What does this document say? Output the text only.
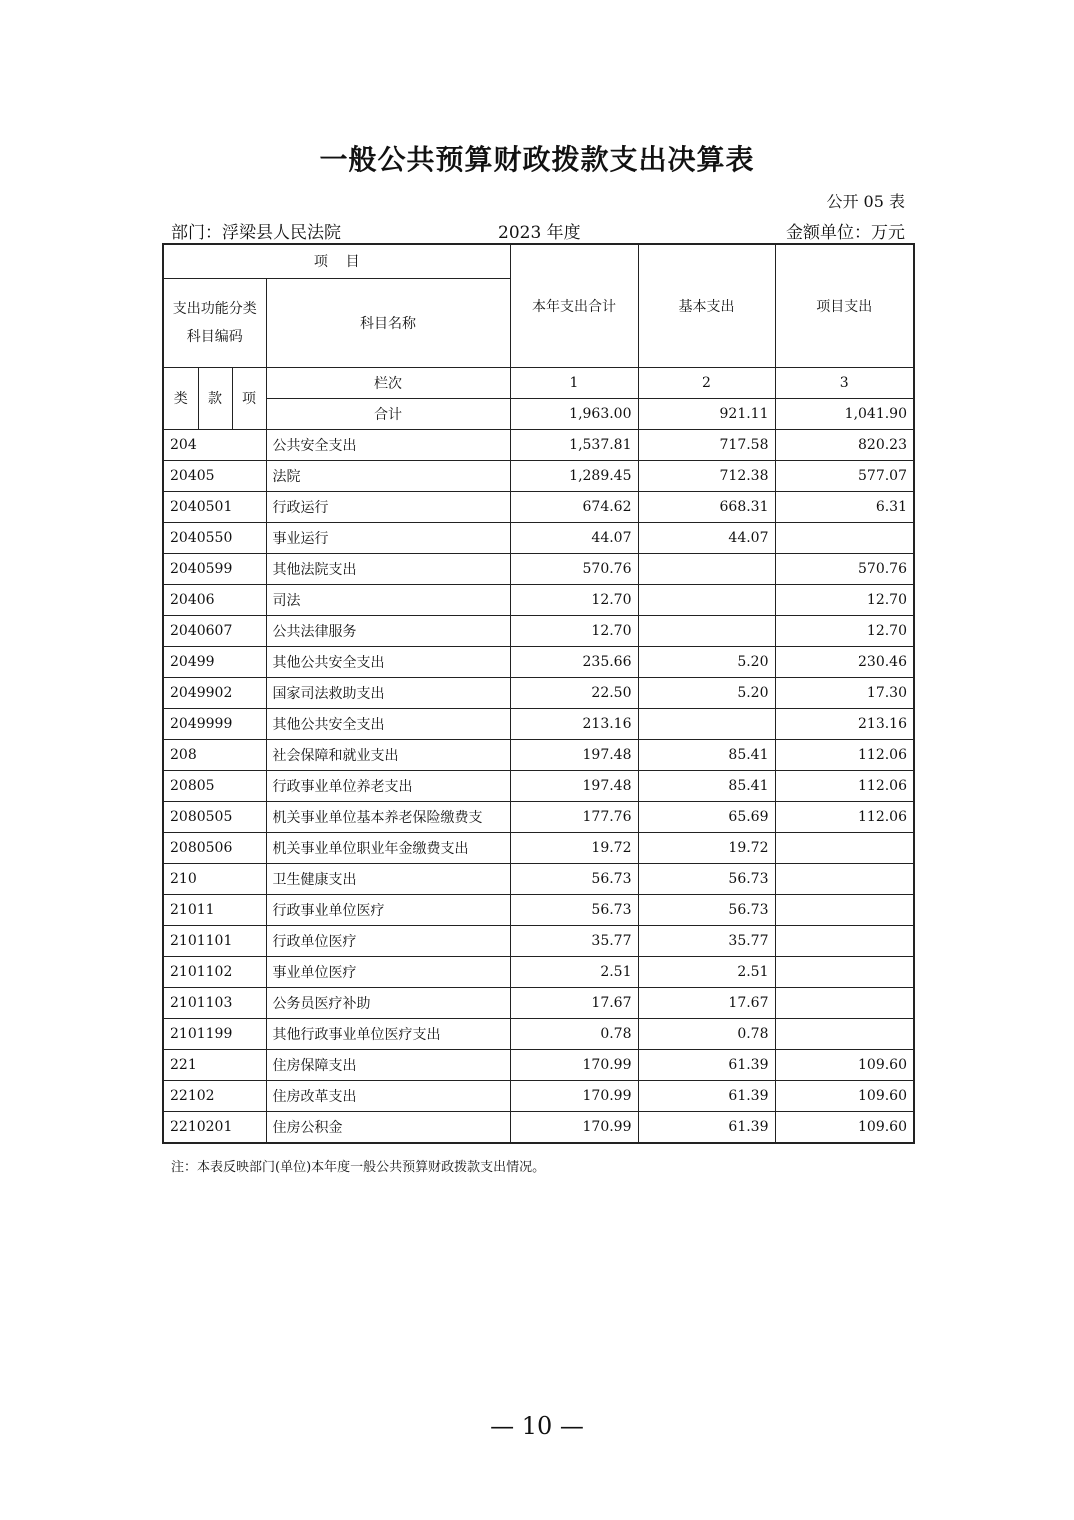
一般公共预算财政拨款支出决算表
公开 05 表
部门：浮梁县人民法院	2023 年度	金额单位：万元
项    目				本年支出合计	基本支出	项目支出
支出功能分类
科目编码			科目名称			
类	款	项	栏次	1	2	3
			合计	1,963.00	921.11	1,041.90
204			公共安全支出	1,537.81	717.58	820.23
20405			法院	1,289.45	712.38	577.07
2040501			行政运行	674.62	668.31	6.31
2040550			事业运行	44.07	44.07	
2040599			其他法院支出	570.76		570.76
20406			司法	12.70		12.70
2040607			公共法律服务	12.70		12.70
20499			其他公共安全支出	235.66	5.20	230.46
2049902			国家司法救助支出	22.50	5.20	17.30
2049999			其他公共安全支出	213.16		213.16
208			社会保障和就业支出	197.48	85.41	112.06
20805			行政事业单位养老支出	197.48	85.41	112.06
2080505			机关事业单位基本养老保险缴费支	177.76	65.69	112.06
2080506			机关事业单位职业年金缴费支出	19.72	19.72	
210			卫生健康支出	56.73	56.73	
21011			行政事业单位医疗	56.73	56.73	
2101101			行政单位医疗	35.77	35.77	
2101102			事业单位医疗	2.51	2.51	
2101103			公务员医疗补助	17.67	17.67	
2101199			其他行政事业单位医疗支出	0.78	0.78	
221			住房保障支出	170.99	61.39	109.60
22102			住房改革支出	170.99	61.39	109.60
2210201			住房公积金	170.99	61.39	109.60
注：本表反映部门(单位)本年度一般公共预算财政拨款支出情况。
— 10 —
